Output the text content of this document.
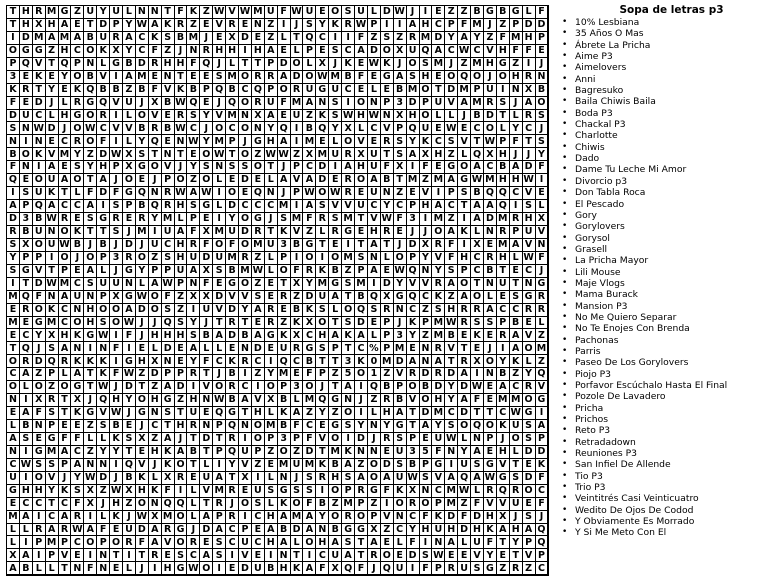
T H R M G Z U Y U L N N T F K Z W V W M U F W U E O S U L D W J I E Z Z B G B G L F
T H X H A E T D P Y W A K R Z E V R E N Z I J S Y K R W P I I A H C P F M J Z P D D
I D M A M A B U R A C K S B M J E X D E Z L T Q C I I F Z S Z R M D Y A Y Z F M H P
O G G Z H C O K X Y C F Z J N R H H I H A E L P E S C A D O X U Q A C W C V H F F E
P Q V T Q P N L G B D R H H F Q J L T T P D O L X J K E W K J O S M J Z M H G Z I J
3 E K E Y O B V I A M E N T E E S M O R R A D O W M B F E G A S H E O Q O J O H R N
K R T Y E K Q B B Z B F V K B P Q B C Q P O R U G U C E L E B M O T D M P U I N X B
F E D J L R G Q V U J X B W Q E J Q O R U F M A N S I O N P 3 D P U V A M R S J A O
D U C L H G O R I L O V E R S Y V M N X A E U Z K S W H W N X H O L L J B D T L R S
S N W D J O W C V V B R B W C J O C O N Y Q I B Q Y X L C V P Q U E W E C O L Y C J
N I N E C R O F I L Y Q E N W Y M P J G H A I M E L O V E R S Y K C S V T W P F T S
B O K V M Y Z D W X S T N T E O W T O Z W W Z X M U R X U T S A X H Z L Q X H J J Y
F N I A E S Y H P X G O V J Y S N S S O T J P C D I A H U F X I F E G O A C B A D F
Q E O U A O T A J O E J P O Z O L E D E L A V A D E R O A B T M Z M A G W M H H W I
I S U K T L F D F G Q N R W A W I O E Q N J P W O W R E U N Z E V I P S B Q Q C V E
A P Q A C C A I S P B Q R H S G L D C C C M I A S V V U C Y C P H A C T A A Q I S L
D 3 B W R E S G R E R Y M L P E I Y O G J S M F R S M T V W F 3 I M Z I A D M R H X
R B U N O K T T S J M I U A F X M U D R T K V Z L R G E H R E J J O A K L N R P U V
S X O U W B J B J D J U C H R F O F O M U 3 B G T E I T A T J D X R F I X E M A V N
Y P P I O J O P 3 R O Z S H U D U M R Z L P I O I O M S N L O P Y V F H C R H L W F
S G V T P E A L J G Y P P U A X S B M W L O F R K B Z P A E W Q N Y S P C B T E C J
I T D W M C S U U N L A W P N F E G O Z E T X Y M G S M I D Y V V R A O T N U T N G
M Q F N A U N P X G W O F Z X X D V V S E R Z D U A T B Q X G Q C K Z A O L E S G R
E R O K C N H O O A D O S Z I U V D Y A R E B K S L O Q S R N C Z S H R R A C C R R
M E G M C O H S O W J J Q S Y J T R T E R Z K X O T S D E P J K P M W R S S P B E L
E C Y X H K G W I F J H H H S B A D B A G K X C H A K A L P 3 Y Z M B E K E R A V Z
T Q J S A N I N F I E L D E A L L E N D E U R G S P T C % P M E N R V T E J I A O M
O R D Q R K K K I G H X N E Y F C K R C I Q C B T T 3 K 0 M D A N A T R X O Y K L Z
C A Z P L A T K F W Z D P P R T J B I Z Y M E F P Z 5 O 1 Z V R D R D A I N B Z Y Q
O L O Z O G T W J D T Z A D I V O R C I O P 3 O J T A I Q B P O B D Y D W E A C R V
N I X R T X J Q H Y O H G Z H N W B A V X B L M Q G N J Z R B V O H Y A F E M M O G
E A F S T K G V W J G N S T U E Q G T H L K A Z Y Z O I L H A T D M C D T T C W G I
L B N P E E Z S B E J C T H R N P Q N O M B F C E G S Y N Y G T A Y S O Q O K U S A
A S E G F F L L K S X Z A J T D T R I O P 3 P F V O I D J R S P E U W L N P J O S P
N I G M A C Z Y Y T E H K A B T P Q U P Z O Z D T M K N N E U 3 5 F N Y A E H L D D
C W S S P A N N I Q V J K O T L I Y V Z E M U M K B A Z O D S B P G I U S G V T E K
U I O V J Y W D J B K L X R E U A T X I L N J S R H S A O A U W S V A Q A W G S D F
G H H Y K S X Z W X H K F I L V M R E U S G S S I O P R G F K X N C M W L R Q R O C
E C C T C F X J H Z O N Q Q L T R J O S L K O F B Z M P Z I O R O P M Z F V V U E F
M A I C A R I L K J W X M O L A P R I C H A M A Y O R O P V N C F K D F D H X J S J
L L R A R W A F E U D A R G J D A C P E A B D A N B G G X Z C Y H U H D H K A H A Q
L I P M P C O P O R F A V O R E S C U C H A L O H A S T A E L F I N A L U F T Y P Q
X A I P V E I N T I T R E S C A S I V E I N T I C U A T R O E D S W E E V Y E T V P
A B L L T N F N E L J I H G W O I E D U B H K A F X Q F J Q U I F P R U S G Z R Z C
Sopa de letras p3
• 10% Lesbiana
• 35 Años O Mas
• Ábrete La Pricha
• Aime P3
• Aimelovers
• Anni
• Bagresuko
• Baila Chiwis Baila
• Boda P3
• Chackal P3
• Charlotte
• Chiwis
• Dado
• Dame Tu Leche Mi Amor
• Divorcio p3
• Don Tabla Roca
• El Pescado
• Gory
• Gorylovers
• Gorysol
• Grasell
• La Pricha Mayor
• Lili Mouse
• Maje Vlogs
• Mama Burack
• Mansion P3
• No Me Quiero Separar
• No Te Enojes Con Brenda
• Pachonas
• Parris
• Paseo De Los Gorylovers
• Piojo P3
• Porfavor Escúchalo Hasta El Final
• Pozole De Lavadero
• Pricha
• Prichos
• Reto P3
• Retradadown
• Reuniones P3
• San Infiel De Allende
• Tio P3
• Trio P3
• Veintitrés Casi Veinticuatro
• Wedito De Ojos De Codod
• Y Obviamente Es Morrado
• Y Si Me Meto Con El
